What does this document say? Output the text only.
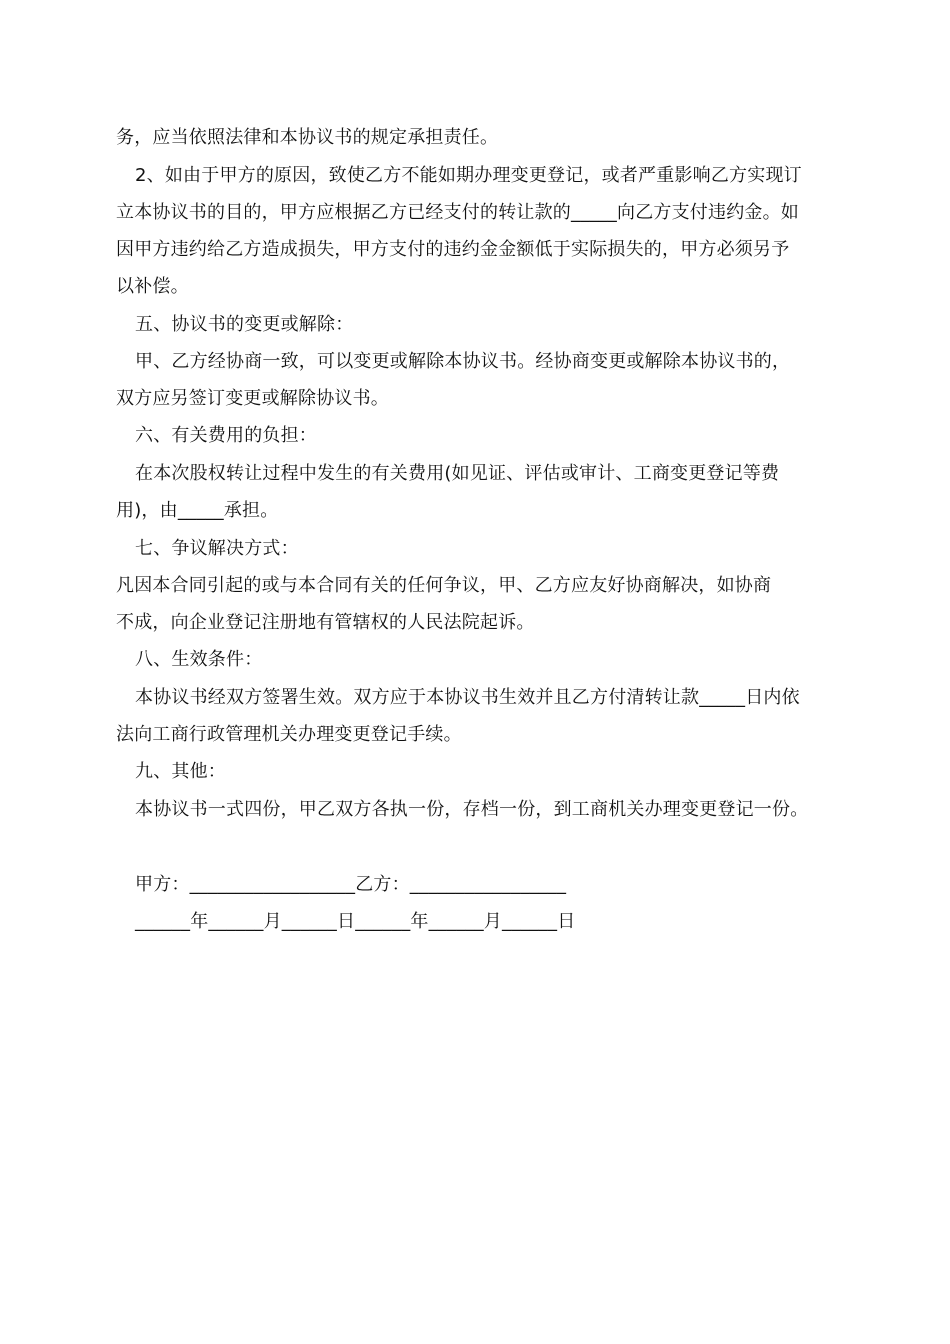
务，应当依照法律和本协议书的规定承担责任。
2、如由于甲方的原因，致使乙方不能如期办理变更登记，或者严重影响乙方实现订
立本协议书的目的，甲方应根据乙方已经支付的转让款的_____向乙方支付违约金。如
因甲方违约给乙方造成损失，甲方支付的违约金金额低于实际损失的，甲方必须另予
以补偿。
五、协议书的变更或解除：
甲、乙方经协商一致，可以变更或解除本协议书。经协商变更或解除本协议书的，
双方应另签订变更或解除协议书。
六、有关费用的负担：
在本次股权转让过程中发生的有关费用(如见证、评估或审计、工商变更登记等费
用)，由_____承担。
七、争议解决方式：
凡因本合同引起的或与本合同有关的任何争议，甲、乙方应友好协商解决，如协商
不成，向企业登记注册地有管辖权的人民法院起诉。
八、生效条件：
本协议书经双方签署生效。双方应于本协议书生效并且乙方付清转让款_____日内依
法向工商行政管理机关办理变更登记手续。
九、其他：
本协议书一式四份，甲乙双方各执一份，存档一份，到工商机关办理变更登记一份。
甲方：__________________乙方：_________________
______年______月______日______年______月______日
